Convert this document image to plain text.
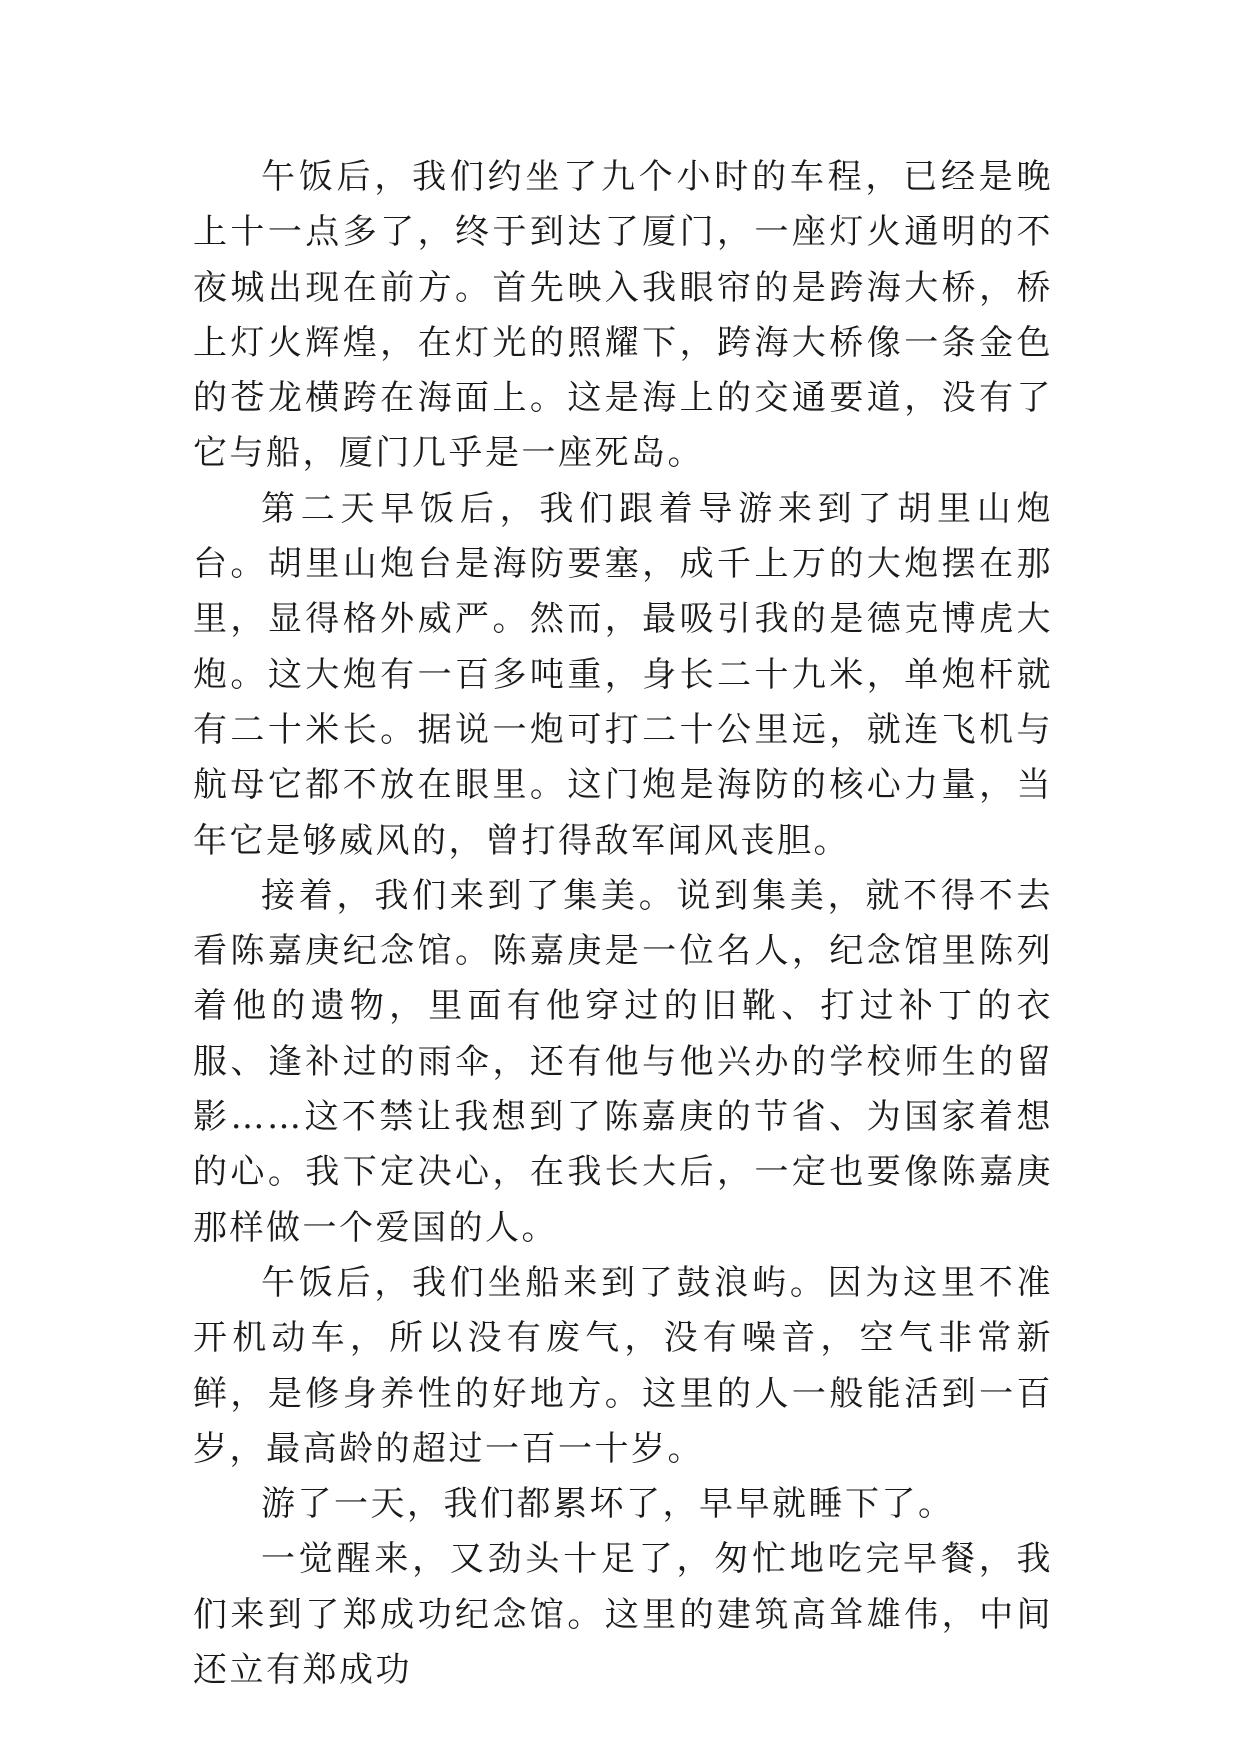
午饭后，我们约坐了九个小时的车程，已经是晚上十一点多了，终于到达了厦门，一座灯火通明的不夜城出现在前方。首先映入我眼帘的是跨海大桥，桥上灯火辉煌，在灯光的照耀下，跨海大桥像一条金色的苍龙横跨在海面上。这是海上的交通要道，没有了它与船，厦门几乎是一座死岛。

第二天早饭后，我们跟着导游来到了胡里山炮台。胡里山炮台是海防要塞，成千上万的大炮摆在那里，显得格外威严。然而，最吸引我的是德克博虎大炮。这大炮有一百多吨重，身长二十九米，单炮杆就有二十米长。据说一炮可打二十公里远，就连飞机与航母它都不放在眼里。这门炮是海防的核心力量，当年它是够威风的，曾打得敌军闻风丧胆。

接着，我们来到了集美。说到集美，就不得不去看陈嘉庚纪念馆。陈嘉庚是一位名人，纪念馆里陈列着他的遗物，里面有他穿过的旧靴、打过补丁的衣服、逢补过的雨伞，还有他与他兴办的学校师生的留影……这不禁让我想到了陈嘉庚的节省、为国家着想的心。我下定决心，在我长大后，一定也要像陈嘉庚那样做一个爱国的人。

午饭后，我们坐船来到了鼓浪屿。因为这里不准开机动车，所以没有废气，没有噪音，空气非常新鲜，是修身养性的好地方。这里的人一般能活到一百岁，最高龄的超过一百一十岁。

游了一天，我们都累坏了，早早就睡下了。

一觉醒来，又劲头十足了，匆忙地吃完早餐，我们来到了郑成功纪念馆。这里的建筑高耸雄伟，中间还立有郑成功
